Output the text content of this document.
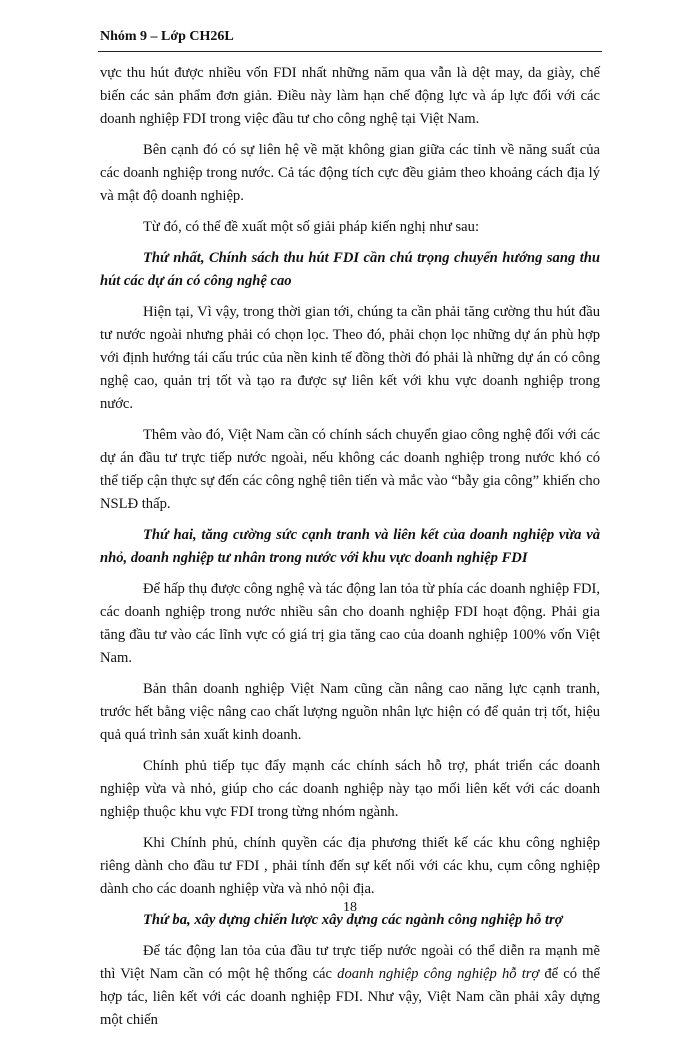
Nhóm 9 – Lớp CH26L

vực thu hút được nhiều vốn FDI nhất những năm qua vẫn là dệt may, da giày, chế biến các sản phẩm đơn giản. Điều này làm hạn chế động lực và áp lực đối với các doanh nghiệp FDI trong việc đầu tư cho công nghệ tại Việt Nam.

Bên cạnh đó có sự liên hệ về mặt không gian giữa các tỉnh về năng suất của các doanh nghiệp trong nước. Cả tác động tích cực đều giảm theo khoảng cách địa lý và mật độ doanh nghiệp.

Từ đó, có thể đề xuất một số giải pháp kiến nghị như sau:

Thứ nhất, Chính sách thu hút FDI cần chú trọng chuyển hướng sang thu hút các dự án có công nghệ cao

Hiện tại, Vì vậy, trong thời gian tới, chúng ta cần phải tăng cường thu hút đầu tư nước ngoài nhưng phải có chọn lọc. Theo đó, phải chọn lọc những dự án phù hợp với định hướng tái cấu trúc của nền kinh tế đồng thời đó phải là những dự án có công nghệ cao, quản trị tốt và tạo ra được sự liên kết với khu vực doanh nghiệp trong nước.

Thêm vào đó, Việt Nam cần có chính sách chuyển giao công nghệ đối với các dự án đầu tư trực tiếp nước ngoài, nếu không các doanh nghiệp trong nước khó có thể tiếp cận thực sự đến các công nghệ tiên tiến và mắc vào “bẫy gia công” khiến cho NSLĐ thấp.

Thứ hai, tăng cường sức cạnh tranh và liên kết của doanh nghiệp vừa và nhỏ, doanh nghiệp tư nhân trong nước với khu vực doanh nghiệp FDI

Để hấp thụ được công nghệ và tác động lan tỏa từ phía các doanh nghiệp FDI, các doanh nghiệp trong nước nhiều sân cho doanh nghiệp FDI hoạt động. Phải gia tăng đầu tư vào các lĩnh vực có giá trị gia tăng cao của doanh nghiệp 100% vốn Việt Nam.

Bản thân doanh nghiệp Việt Nam cũng cần nâng cao năng lực cạnh tranh, trước hết bằng việc nâng cao chất lượng nguồn nhân lực hiện có để quản trị tốt, hiệu quả quá trình sản xuất kinh doanh.

Chính phủ tiếp tục đẩy mạnh các chính sách hỗ trợ, phát triển các doanh nghiệp vừa và nhỏ, giúp cho các doanh nghiệp này tạo mối liên kết với các doanh nghiệp thuộc khu vực FDI trong từng nhóm ngành.

Khi Chính phủ, chính quyền các địa phương thiết kế các khu công nghiệp riêng dành cho đầu tư FDI , phải tính đến sự kết nối với các khu, cụm công nghiệp dành cho các doanh nghiệp vừa và nhỏ nội địa.

Thứ ba, xây dựng chiến lược xây dựng các ngành công nghiệp hỗ trợ

Để tác động lan tỏa của đầu tư trực tiếp nước ngoài có thể diễn ra mạnh mẽ thì Việt Nam cần có một hệ thống các doanh nghiệp công nghiệp hỗ trợ để có thể hợp tác, liên kết với các doanh nghiệp FDI. Như vậy, Việt Nam cần phải xây dựng một chiến

18
